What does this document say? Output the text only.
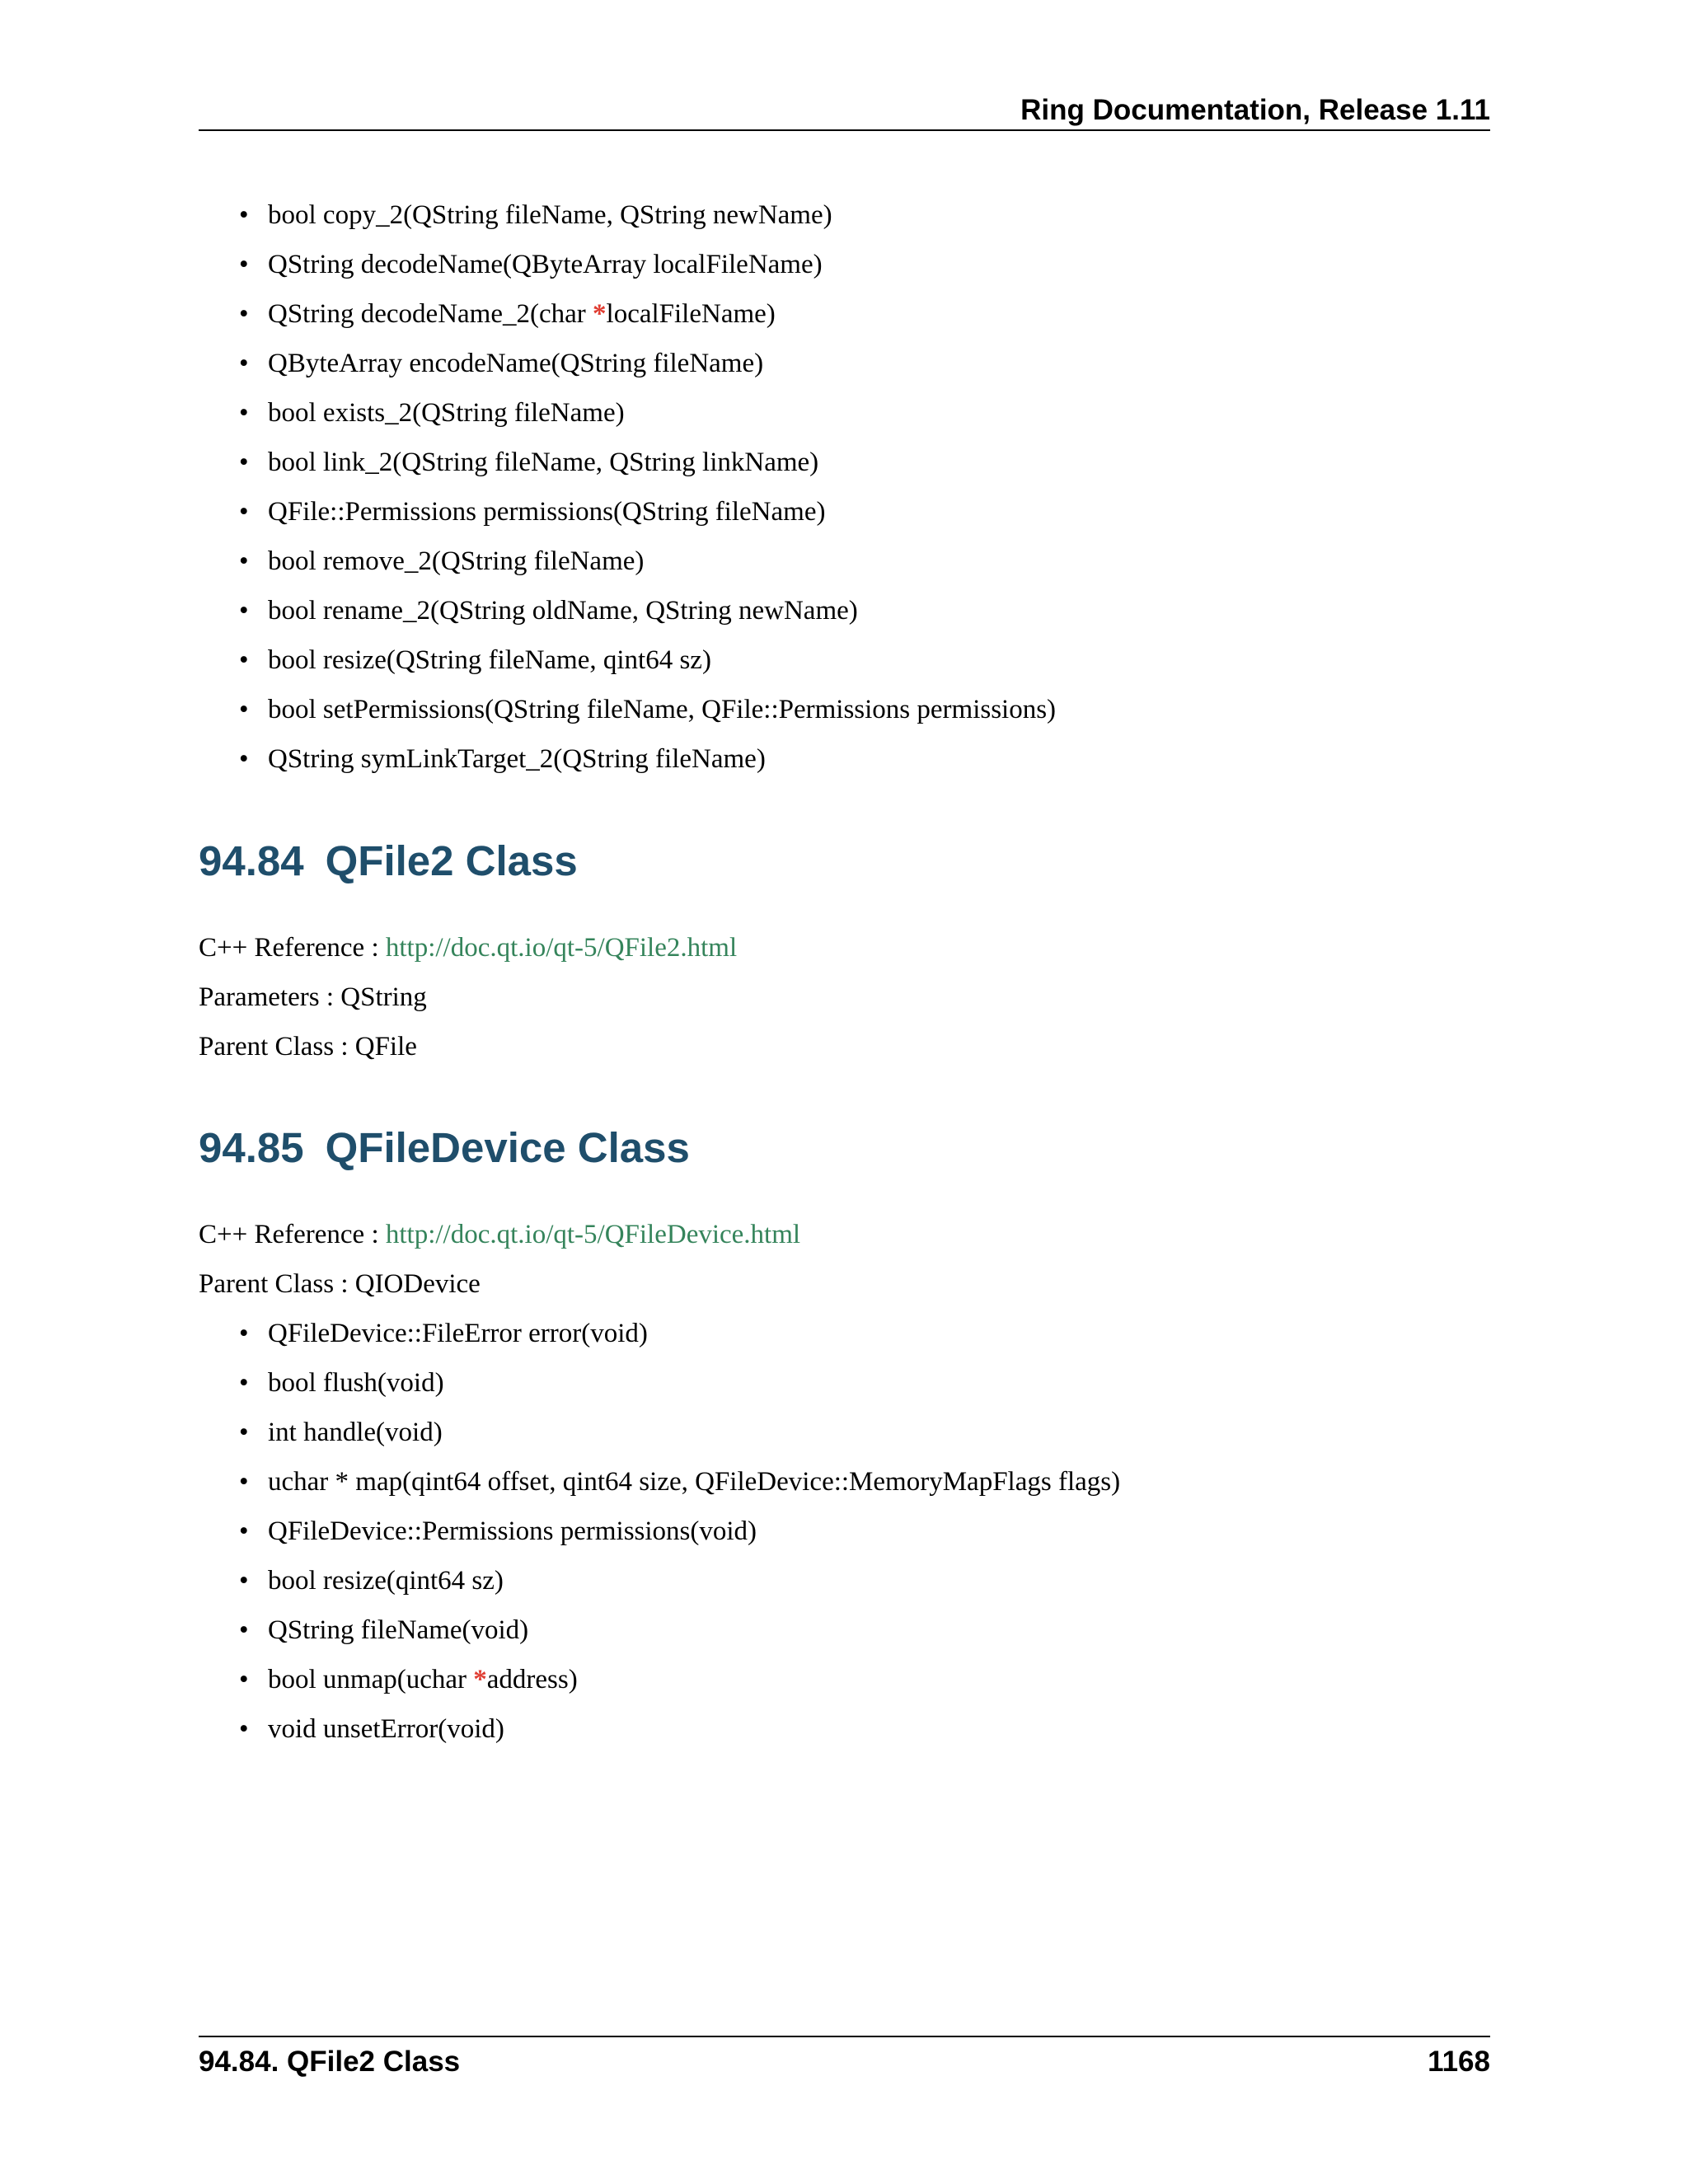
Ring Documentation, Release 1.11
• bool copy_2(QString fileName, QString newName)
• QString decodeName(QByteArray localFileName)
• QString decodeName_2(char *localFileName)
• QByteArray encodeName(QString fileName)
• bool exists_2(QString fileName)
• bool link_2(QString fileName, QString linkName)
• QFile::Permissions permissions(QString fileName)
• bool remove_2(QString fileName)
• bool rename_2(QString oldName, QString newName)
• bool resize(QString fileName, qint64 sz)
• bool setPermissions(QString fileName, QFile::Permissions permissions)
• QString symLinkTarget_2(QString fileName)
94.84 QFile2 Class
C++ Reference : http://doc.qt.io/qt-5/QFile2.html
Parameters : QString
Parent Class : QFile
94.85 QFileDevice Class
C++ Reference : http://doc.qt.io/qt-5/QFileDevice.html
Parent Class : QIODevice
• QFileDevice::FileError error(void)
• bool flush(void)
• int handle(void)
• uchar * map(qint64 offset, qint64 size, QFileDevice::MemoryMapFlags flags)
• QFileDevice::Permissions permissions(void)
• bool resize(qint64 sz)
• QString fileName(void)
• bool unmap(uchar *address)
• void unsetError(void)
94.84. QFile2 Class	1168
